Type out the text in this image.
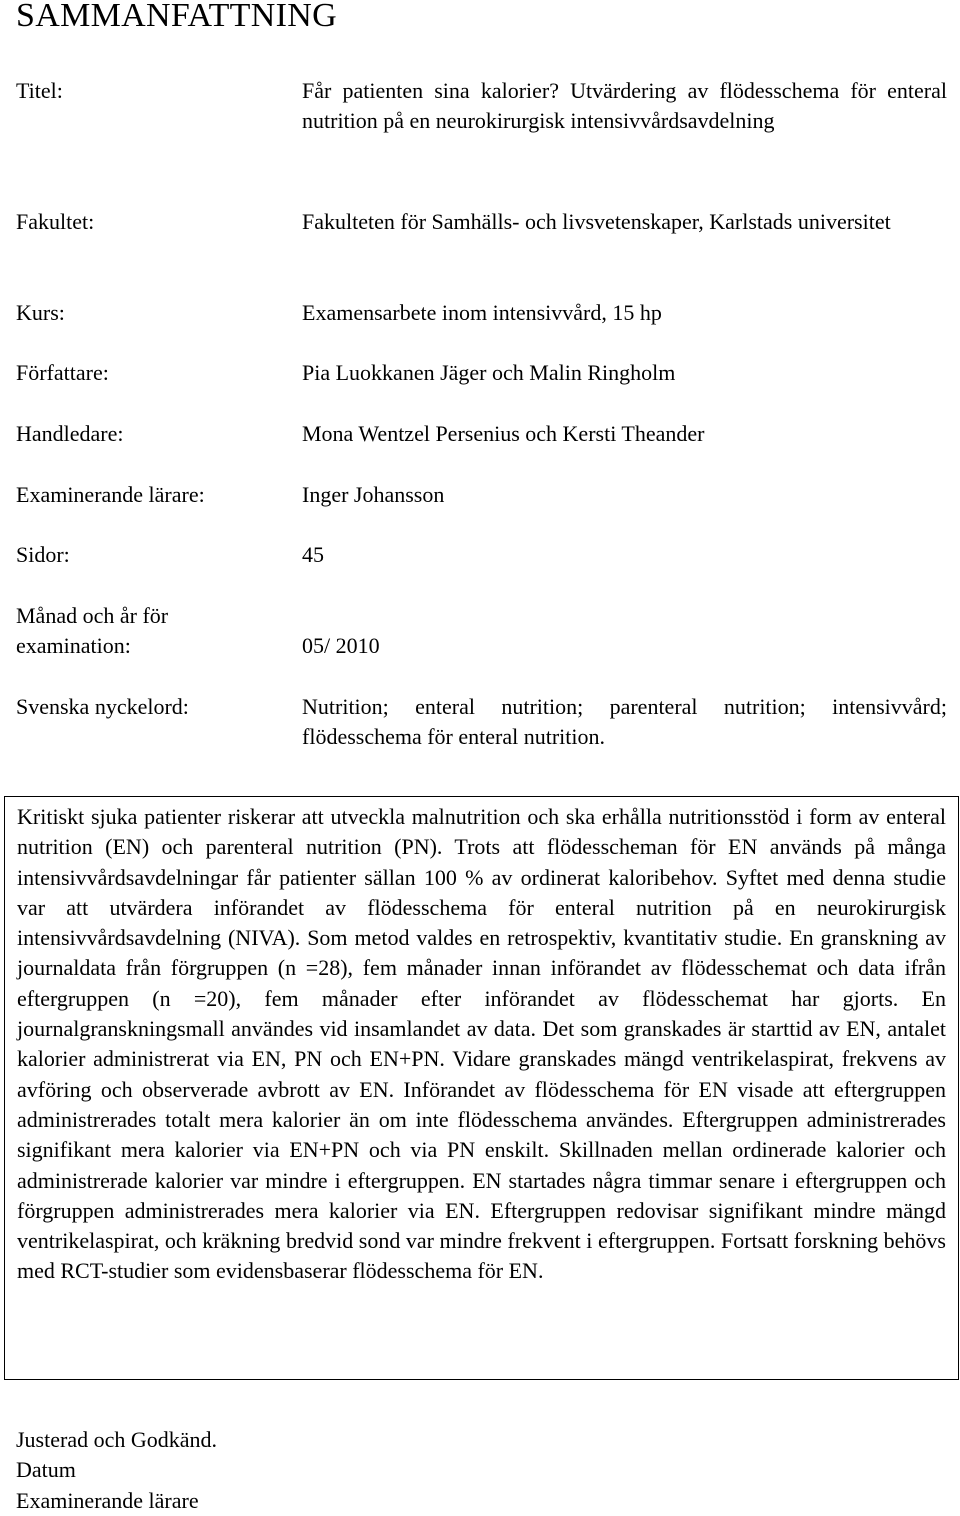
SAMMANFATTNING
Titel:	Får patienten sina kalorier? Utvärdering av flödesschema för enteral nutrition på en neurokirurgisk intensivvårdsavdelning
Fakultet:	Fakulteten för Samhälls- och livsvetenskaper, Karlstads universitet
Kurs:	Examensarbete inom intensivvård, 15 hp
Författare:	Pia Luokkanen Jäger och Malin Ringholm
Handledare:	Mona Wentzel Persenius och Kersti Theander
Examinerande lärare:	Inger Johansson
Sidor:	45
Månad och år för
examination:	05/ 2010
Svenska nyckelord:	Nutrition; enteral nutrition; parenteral nutrition; intensivvård; flödesschema för enteral nutrition.

Kritiskt sjuka patienter riskerar att utveckla malnutrition och ska erhålla nutritionsstöd i form av enteral nutrition (EN) och parenteral nutrition (PN). Trots att flödesscheman för EN används på många intensivvårdsavdelningar får patienter sällan 100 % av ordinerat kaloribehov. Syftet med denna studie var att utvärdera införandet av flödesschema för enteral nutrition på en neurokirurgisk intensivvårdsavdelning (NIVA). Som metod valdes en retrospektiv, kvantitativ studie. En granskning av journaldata från förgruppen (n =28), fem månader innan införandet av flödesschemat och data ifrån eftergruppen (n =20), fem månader efter införandet av flödesschemat har gjorts. En journalgranskningsmall användes vid insamlandet av data. Det som granskades är starttid av EN, antalet kalorier administrerat via EN, PN och EN+PN. Vidare granskades mängd ventrikelaspirat, frekvens av avföring och observerade avbrott av EN. Införandet av flödesschema för EN visade att eftergruppen administrerades totalt mera kalorier än om inte flödesschema användes. Eftergruppen administrerades signifikant mera kalorier via EN+PN och via PN enskilt. Skillnaden mellan ordinerade kalorier och administrerade kalorier var mindre i eftergruppen. EN startades några timmar senare i eftergruppen och förgruppen administrerades mera kalorier via EN. Eftergruppen redovisar signifikant mindre mängd ventrikelaspirat, och kräkning bredvid sond var mindre frekvent i eftergruppen. Fortsatt forskning behövs med RCT-studier som evidensbaserar flödesschema för EN.

Justerad och Godkänd.
Datum
Examinerande lärare
